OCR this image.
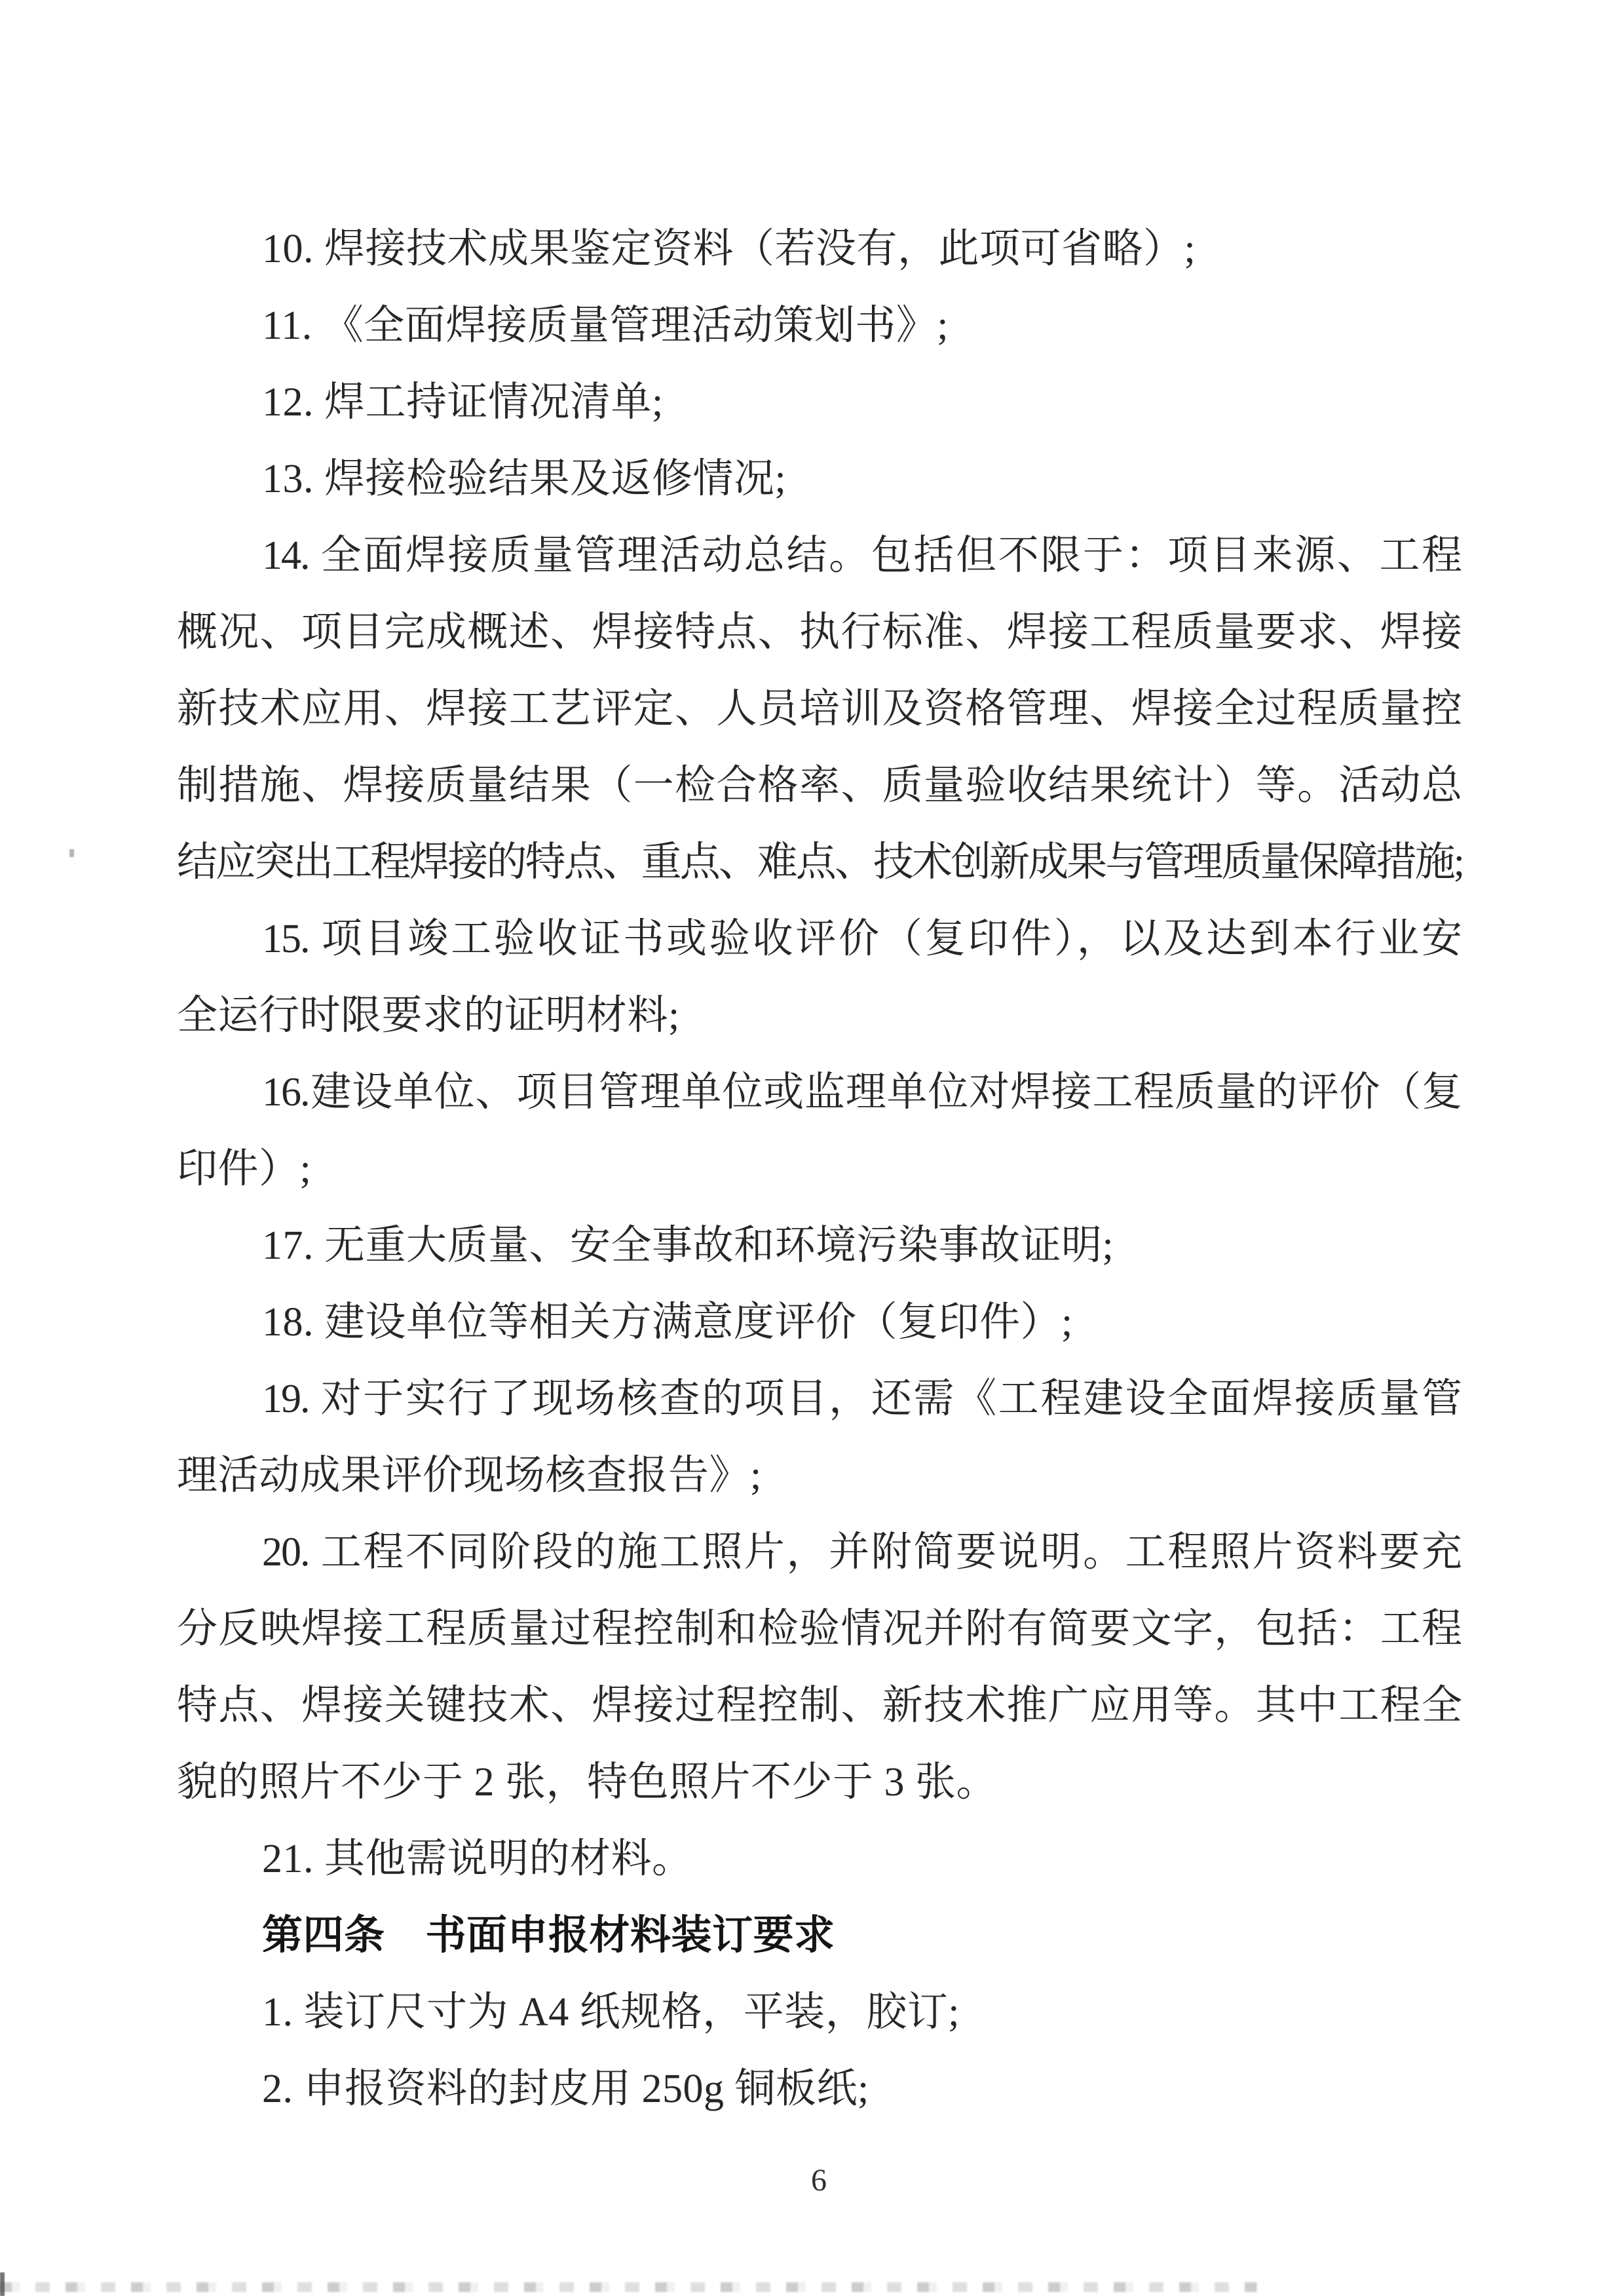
10. 焊接技术成果鉴定资料（若没有，此项可省略）;
11. 《全面焊接质量管理活动策划书》;
12. 焊工持证情况清单;
13. 焊接检验结果及返修情况;
14. 全面焊接质量管理活动总结。包括但不限于：项目来源、工程
概况、项目完成概述、焊接特点、执行标准、焊接工程质量要求、焊接
新技术应用、焊接工艺评定、人员培训及资格管理、焊接全过程质量控
制措施、焊接质量结果（一检合格率、质量验收结果统计）等。活动总
结应突出工程焊接的特点、重点、难点、技术创新成果与管理质量保障措施;
15. 项目竣工验收证书或验收评价（复印件），以及达到本行业安
全运行时限要求的证明材料;
16.建设单位、项目管理单位或监理单位对焊接工程质量的评价（复
印件）;
17. 无重大质量、安全事故和环境污染事故证明;
18. 建设单位等相关方满意度评价（复印件）;
19. 对于实行了现场核查的项目，还需《工程建设全面焊接质量管
理活动成果评价现场核查报告》;
20. 工程不同阶段的施工照片，并附简要说明。工程照片资料要充
分反映焊接工程质量过程控制和检验情况并附有简要文字，包括：工程
特点、焊接关键技术、焊接过程控制、新技术推广应用等。其中工程全
貌的照片不少于 2 张，特色照片不少于 3 张。
21. 其他需说明的材料。
第四条 书面申报材料装订要求
1. 装订尺寸为 A4 纸规格，平装，胶订;
2. 申报资料的封皮用 250g 铜板纸;
6
